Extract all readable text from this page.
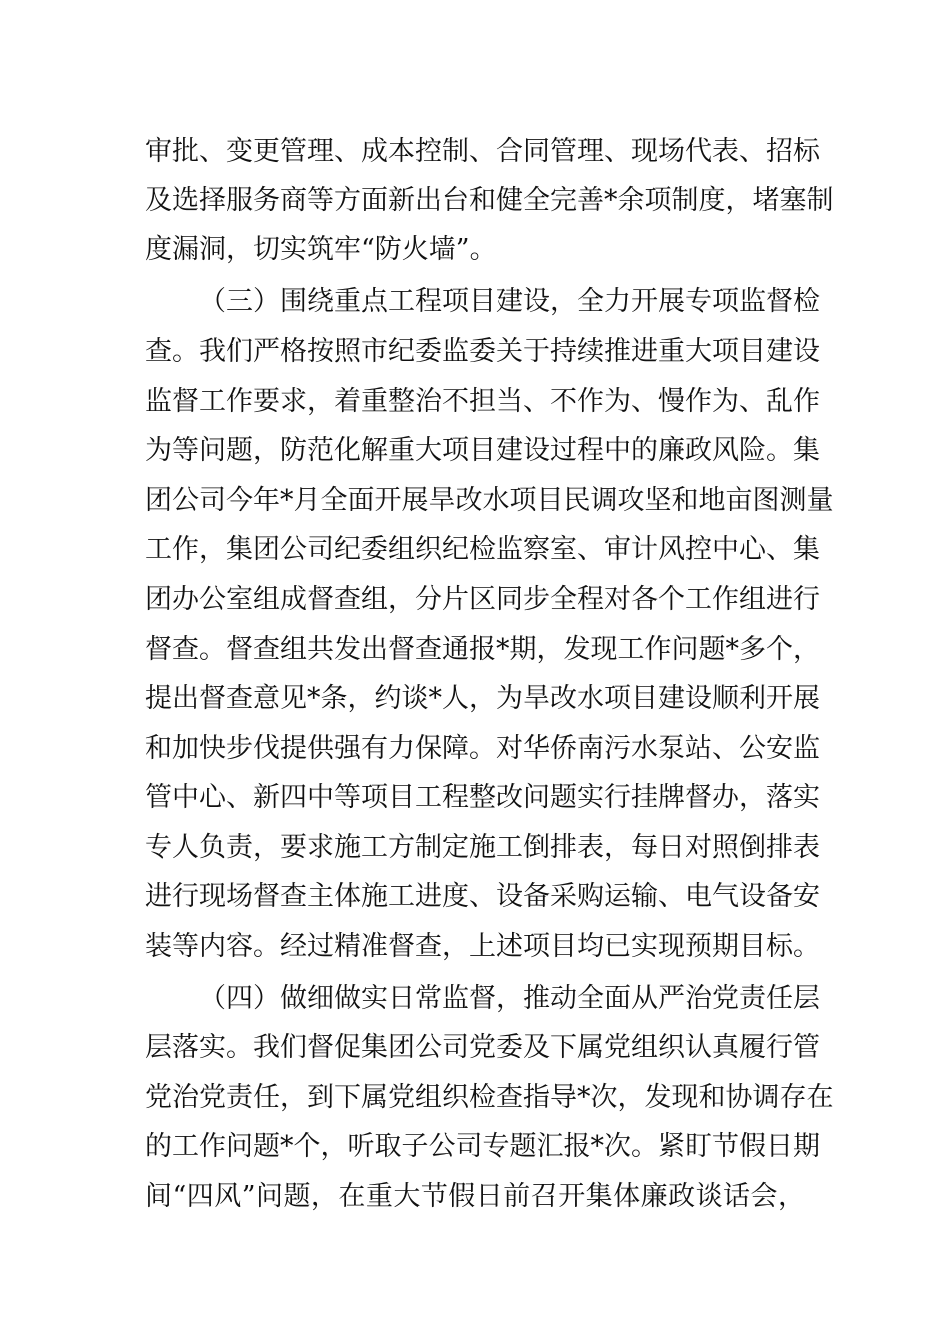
审批、变更管理、成本控制、合同管理、现场代表、招标
及选择服务商等方面新出台和健全完善*余项制度，堵塞制
度漏洞，切实筑牢“防火墙”。
（三）围绕重点工程项目建设，全力开展专项监督检
查。我们严格按照市纪委监委关于持续推进重大项目建设
监督工作要求，着重整治不担当、不作为、慢作为、乱作
为等问题，防范化解重大项目建设过程中的廉政风险。集
团公司今年*月全面开展旱改水项目民调攻坚和地亩图测量
工作，集团公司纪委组织纪检监察室、审计风控中心、集
团办公室组成督查组，分片区同步全程对各个工作组进行
督查。督查组共发出督查通报*期，发现工作问题*多个，
提出督查意见*条，约谈*人，为旱改水项目建设顺利开展
和加快步伐提供强有力保障。对华侨南污水泵站、公安监
管中心、新四中等项目工程整改问题实行挂牌督办，落实
专人负责，要求施工方制定施工倒排表，每日对照倒排表
进行现场督查主体施工进度、设备采购运输、电气设备安
装等内容。经过精准督查，上述项目均已实现预期目标。
（四）做细做实日常监督，推动全面从严治党责任层
层落实。我们督促集团公司党委及下属党组织认真履行管
党治党责任，到下属党组织检查指导*次，发现和协调存在
的工作问题*个，听取子公司专题汇报*次。紧盯节假日期
间“四风”问题，在重大节假日前召开集体廉政谈话会，
